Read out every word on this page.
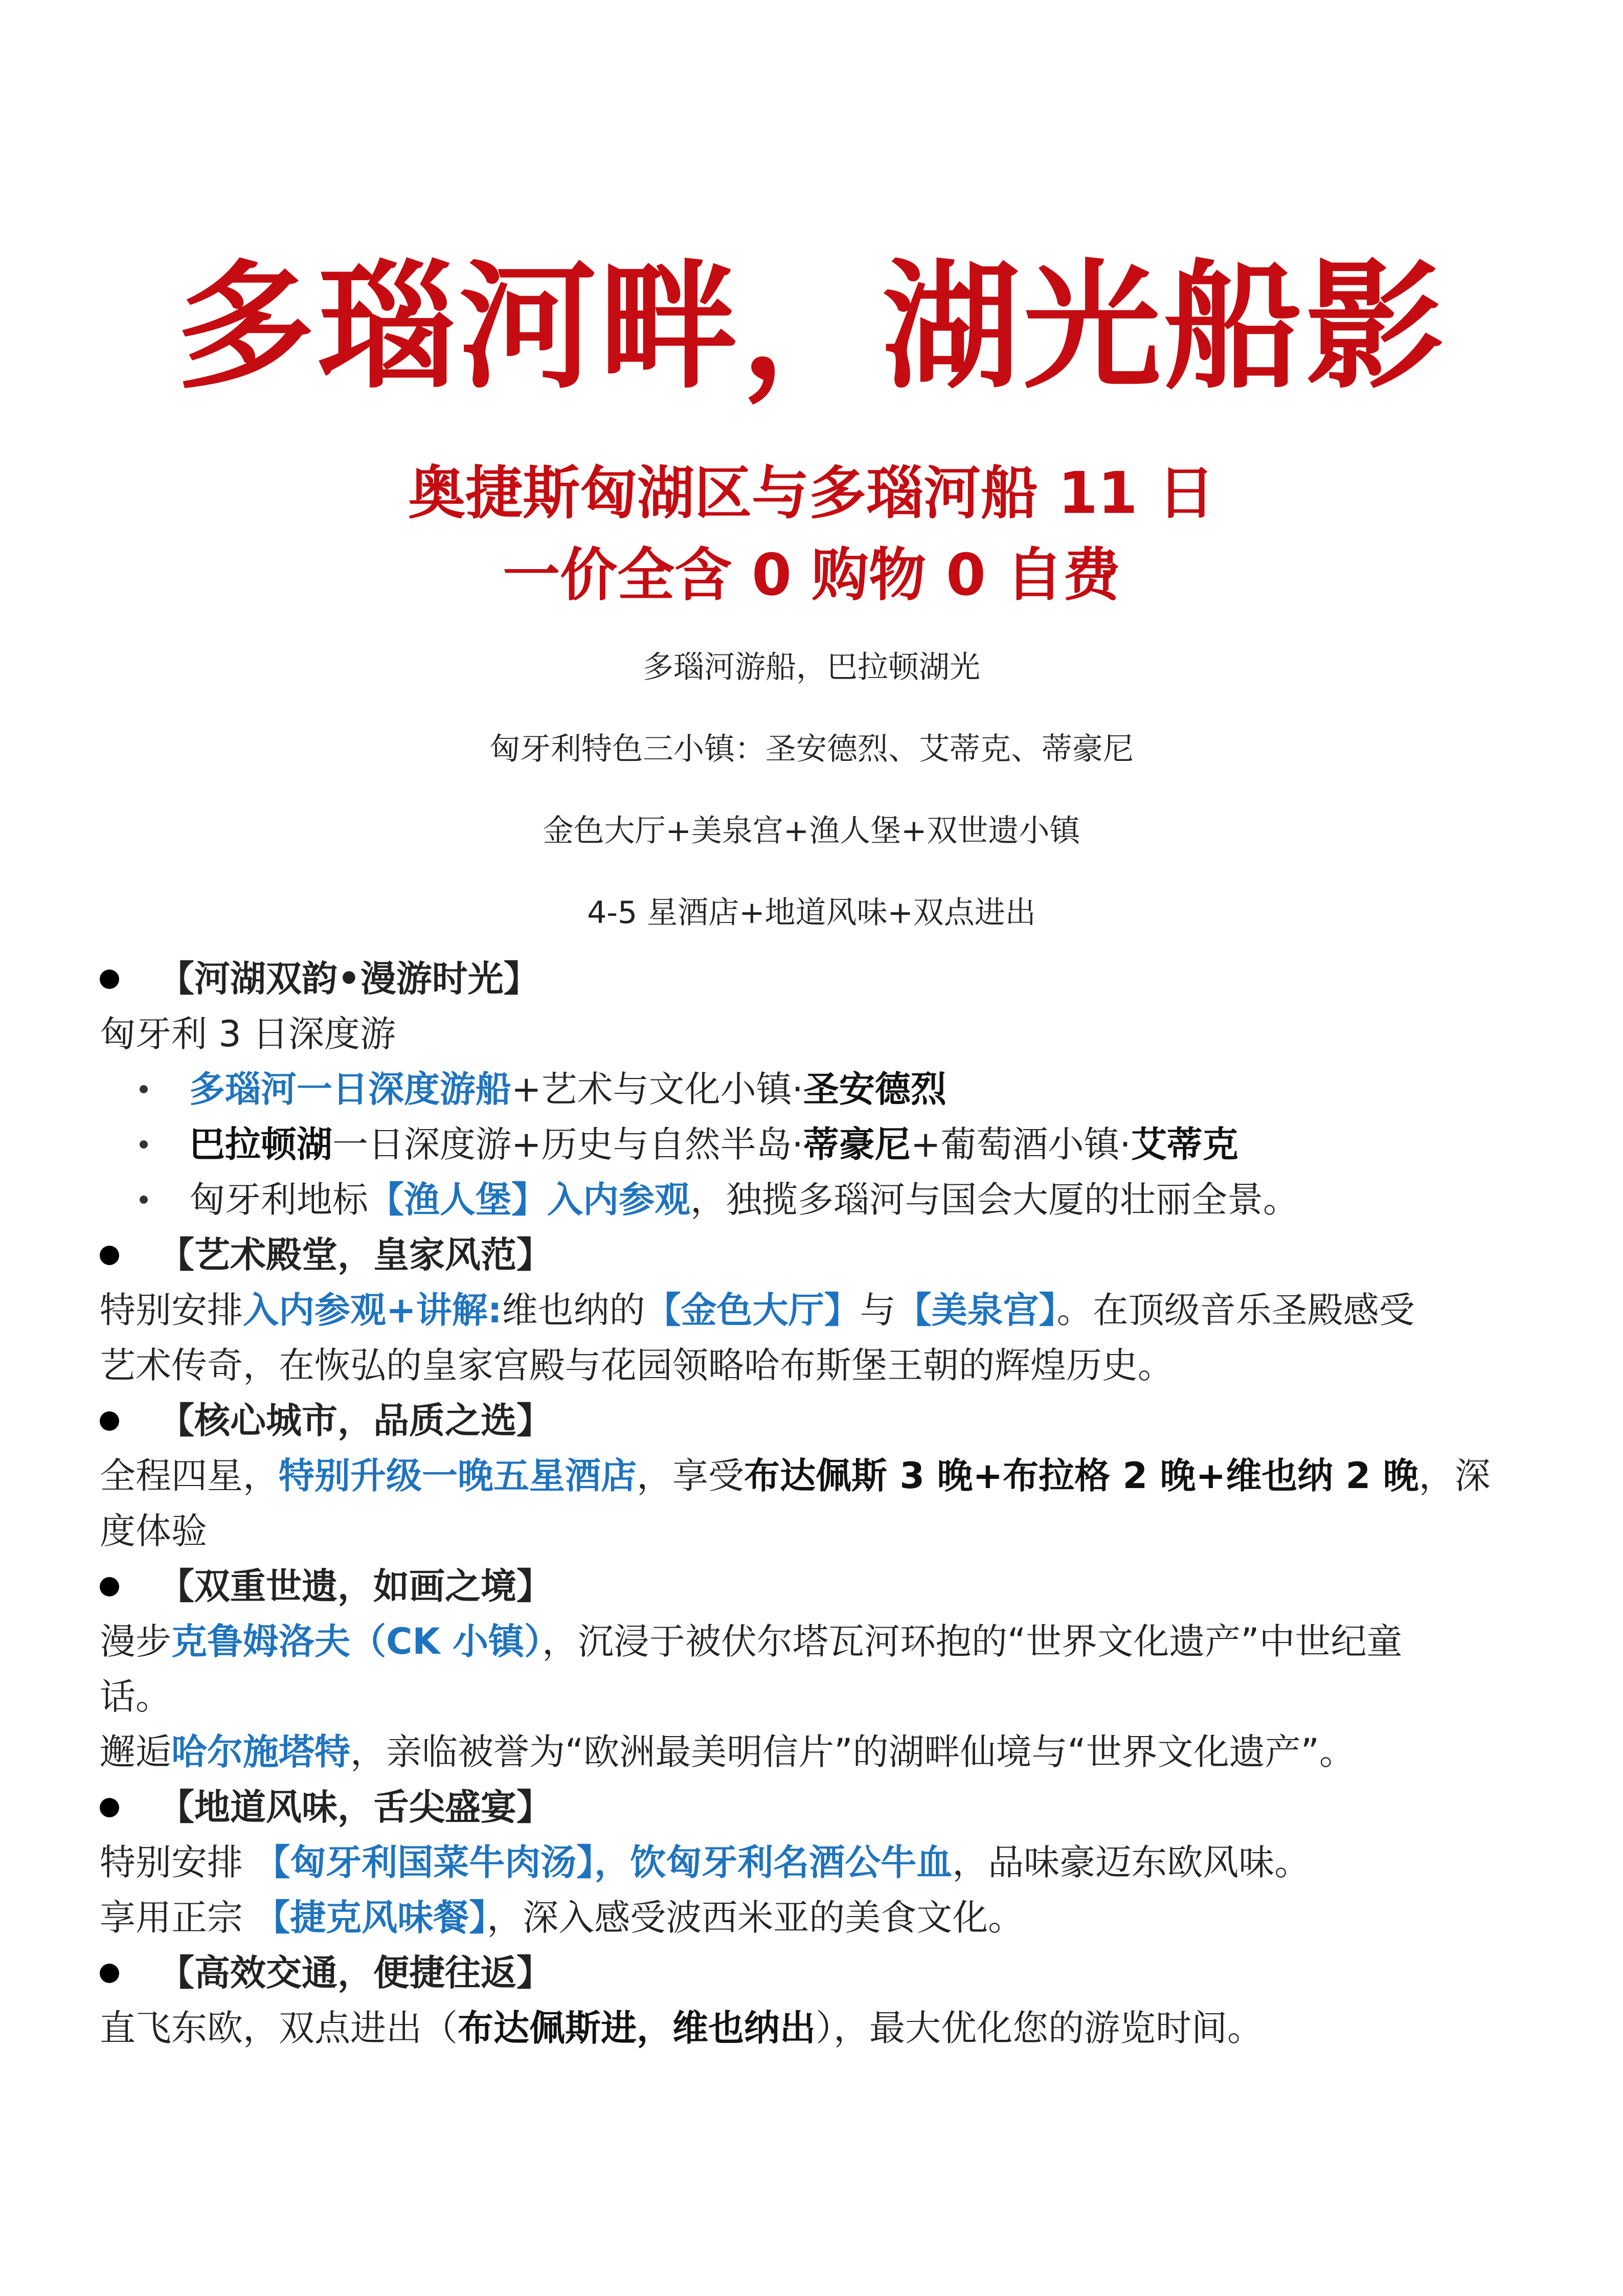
多瑙河畔，湖光船影
奥捷斯匈湖区与多瑙河船 11 日
一价全含 0 购物 0 自费
多瑙河游船，巴拉顿湖光
匈牙利特色三小镇：圣安德烈、艾蒂克、蒂豪尼
金色大厅+美泉宫+渔人堡+双世遗小镇
4-5 星酒店+地道风味+双点进出
【河湖双韵•漫游时光】
匈牙利 3 日深度游
多瑙河一日深度游船+艺术与文化小镇·圣安德烈
巴拉顿湖一日深度游+历史与自然半岛·蒂豪尼+葡萄酒小镇·艾蒂克
匈牙利地标【渔人堡】入内参观，独揽多瑙河与国会大厦的壮丽全景。
【艺术殿堂，皇家风范】
特别安排入内参观+讲解:维也纳的【金色大厅】与【美泉宫】。在顶级音乐圣殿感受
艺术传奇，在恢弘的皇家宫殿与花园领略哈布斯堡王朝的辉煌历史。
【核心城市，品质之选】
全程四星，特别升级一晚五星酒店，享受布达佩斯 3 晚+布拉格 2 晚+维也纳 2 晚，深
度体验
【双重世遗，如画之境】
漫步克鲁姆洛夫（CK 小镇），沉浸于被伏尔塔瓦河环抱的“世界文化遗产”中世纪童
话。
邂逅哈尔施塔特，亲临被誉为“欧洲最美明信片”的湖畔仙境与“世界文化遗产”。
【地道风味，舌尖盛宴】
特别安排 【匈牙利国菜牛肉汤】，饮匈牙利名酒公牛血，品味豪迈东欧风味。
享用正宗 【捷克风味餐】，深入感受波西米亚的美食文化。
【高效交通，便捷往返】
直飞东欧，双点进出（布达佩斯进，维也纳出），最大优化您的游览时间。
